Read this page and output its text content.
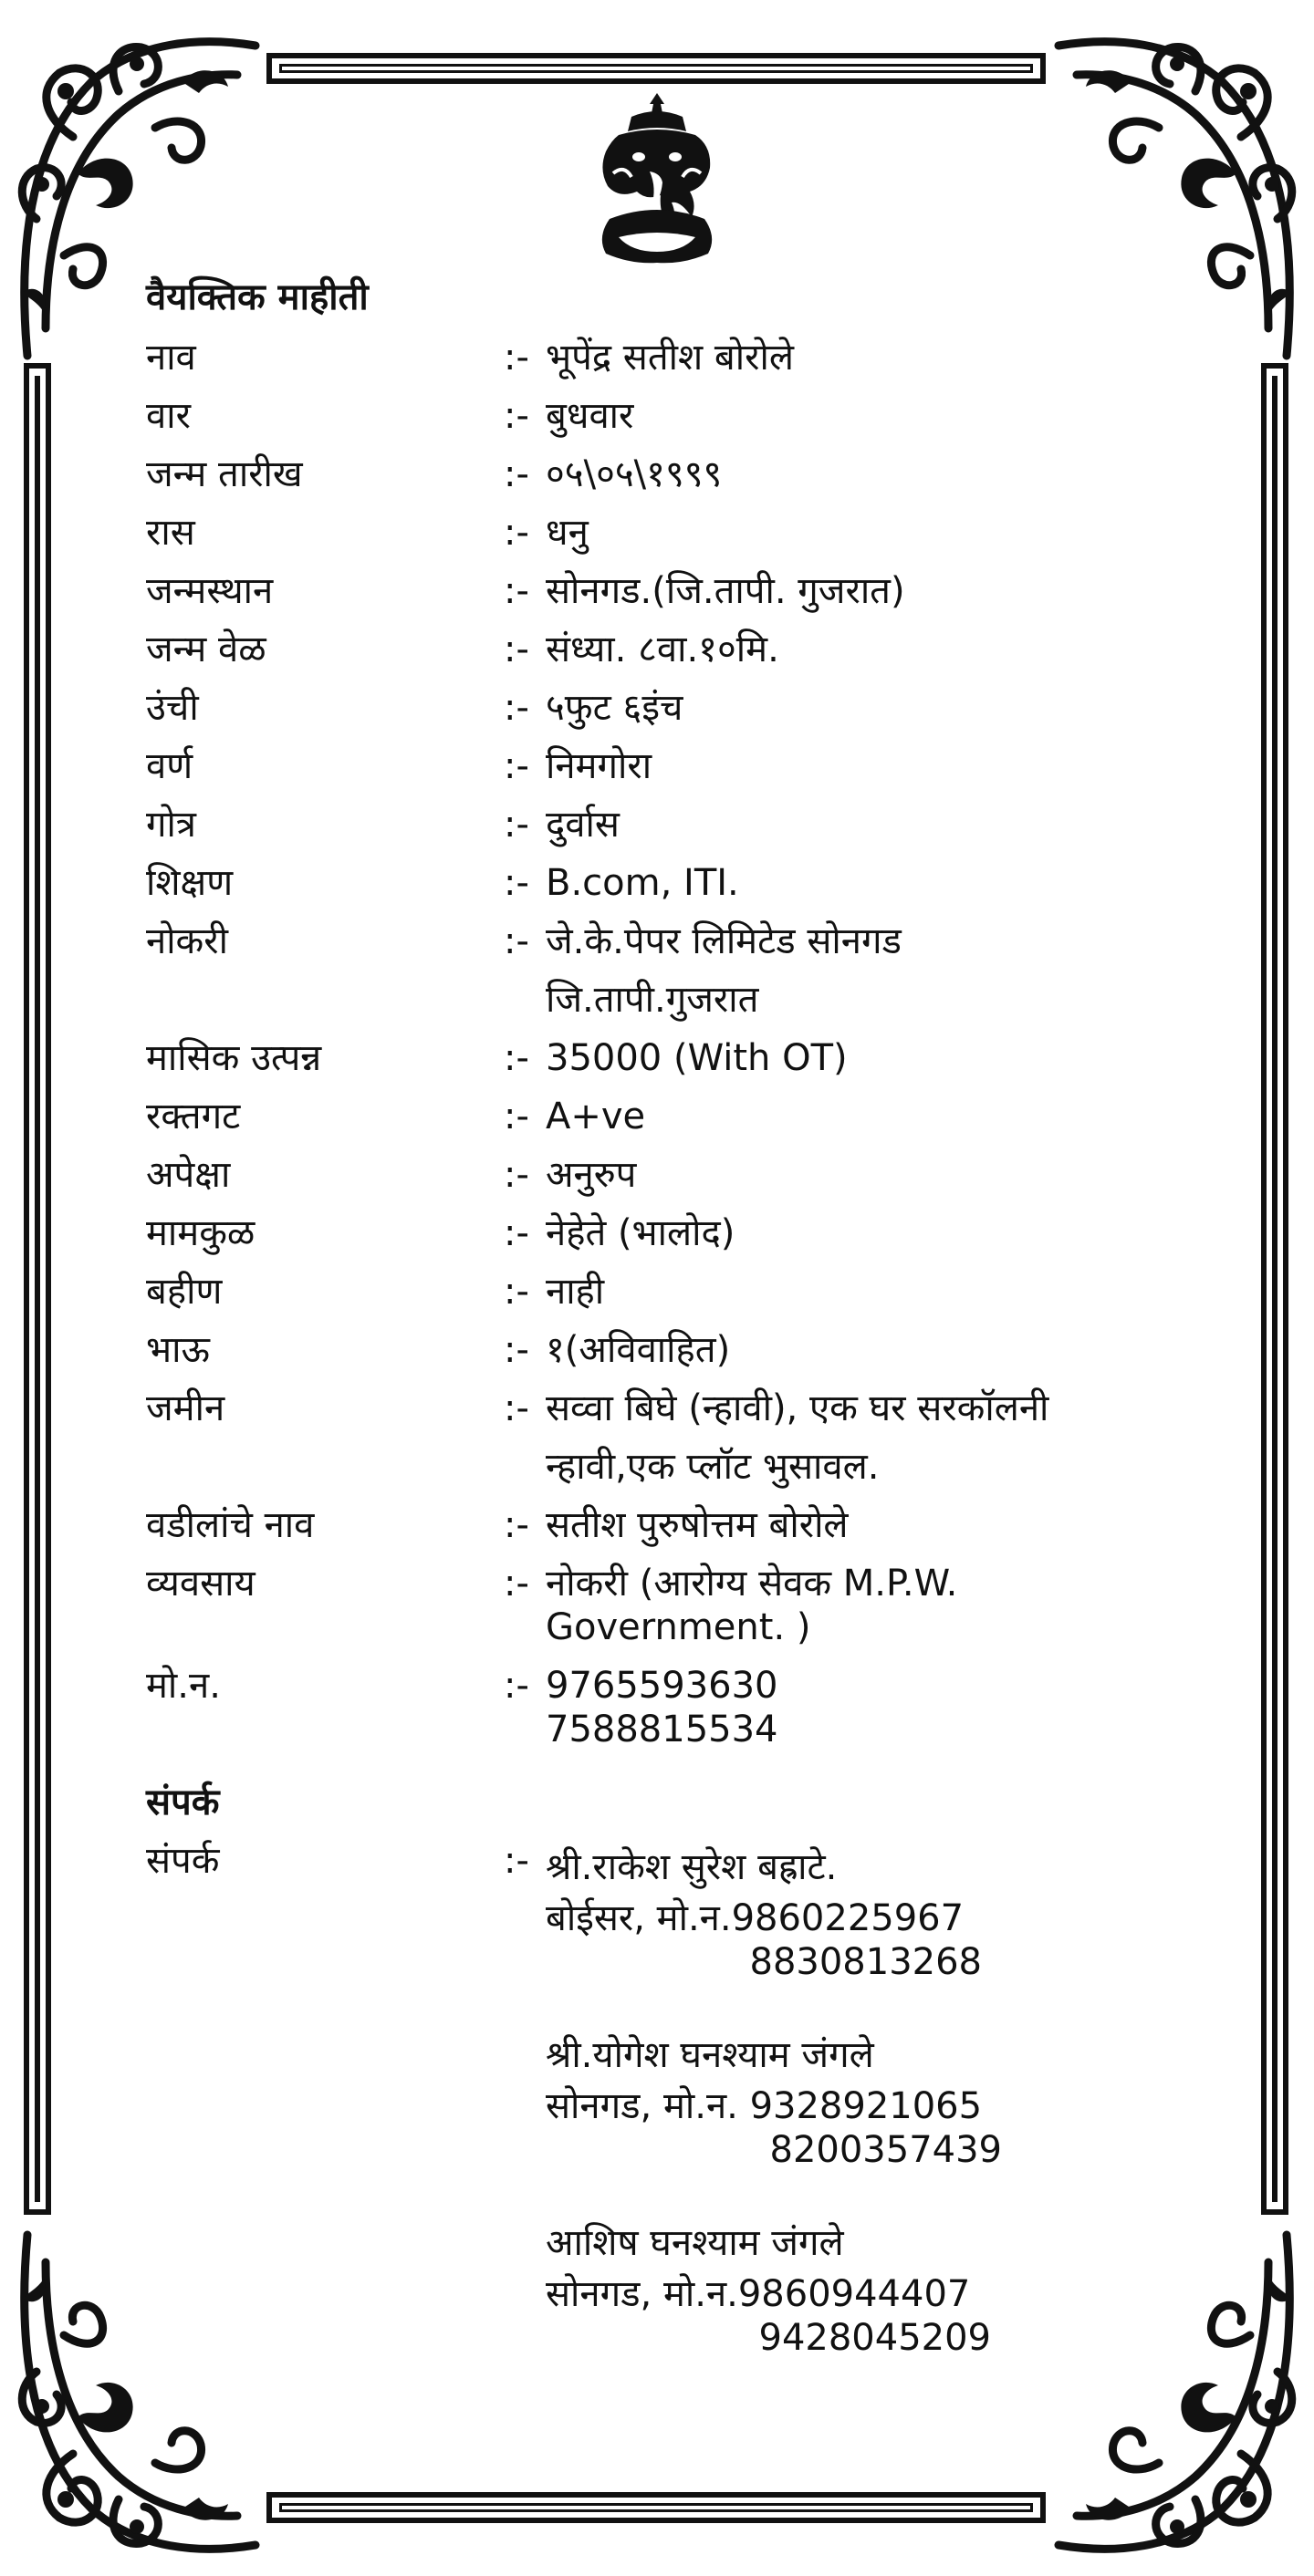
वैयक्तिक माहीती
नाव	:- भूपेंद्र सतीश बोरोले
वार	:- बुधवार
जन्म तारीख	:- ०५\०५\१९९९
रास	:- धनु
जन्मस्थान	:- सोनगड.(जि.तापी. गुजरात)
जन्म वेळ	:- संध्या. ८वा.१०मि.
उंची	:- ५फुट ६इंच
वर्ण	:- निमगोरा
गोत्र	:- दुर्वास
शिक्षण	:- B.com, ITI.
नोकरी	:- जे.के.पेपर लिमिटेड सोनगड
जि.तापी.गुजरात
मासिक उत्पन्न	:- 35000 (With OT)
रक्तगट	:- A+ve
अपेक्षा	:- अनुरुप
मामकुळ	:- नेहेते (भालोद)
बहीण	:- नाही
भाऊ	:- १(अविवाहित)
जमीन	:- सव्वा बिघे (न्हावी), एक घर सरकॉलनी
न्हावी,एक प्लॉट भुसावल.
वडीलांचे नाव	:- सतीश पुरुषोत्तम बोरोले
व्यवसाय	:- नोकरी (आरोग्य सेवक M.P.W.
Government. )
मो.न.	:- 9765593630
7588815534
संपर्क
संपर्क	:- श्री.राकेश सुरेश बह्राटे.
बोईसर, मो.न.9860225967
8830813268
श्री.योगेश घनश्याम जंगले
सोनगड, मो.न. 9328921065
8200357439
आशिष घनश्याम जंगले
सोनगड, मो.न.9860944407
9428045209
